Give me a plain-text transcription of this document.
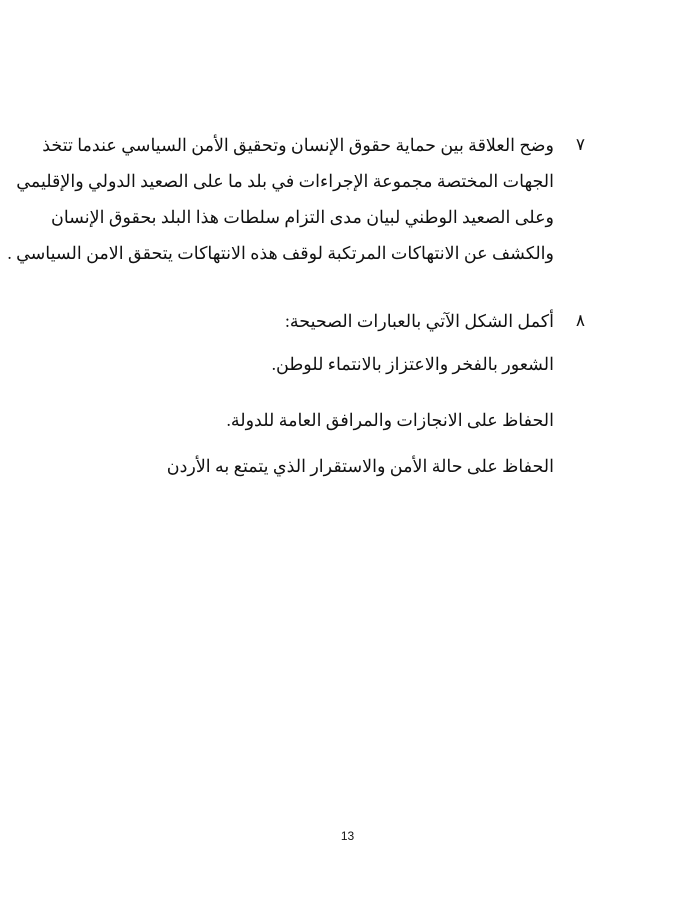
٧
وضح العلاقة بين حماية حقوق الإنسان وتحقيق الأمن السياسي عندما تتخذ
الجهات المختصة مجموعة الإجراءات في بلد ما على الصعيد الدولي والإقليمي
وعلى الصعيد الوطني لبيان مدى التزام سلطات هذا البلد بحقوق الإنسان
والكشف عن الانتهاكات المرتكبة لوقف هذه الانتهاكات يتحقق الامن السياسي .
٨
أكمل الشكل الآتي بالعبارات الصحيحة:
الشعور بالفخر والاعتزاز بالانتماء للوطن.
الحفاظ على الانجازات والمرافق العامة للدولة.
الحفاظ على حالة الأمن والاستقرار الذي يتمتع به الأردن
13
